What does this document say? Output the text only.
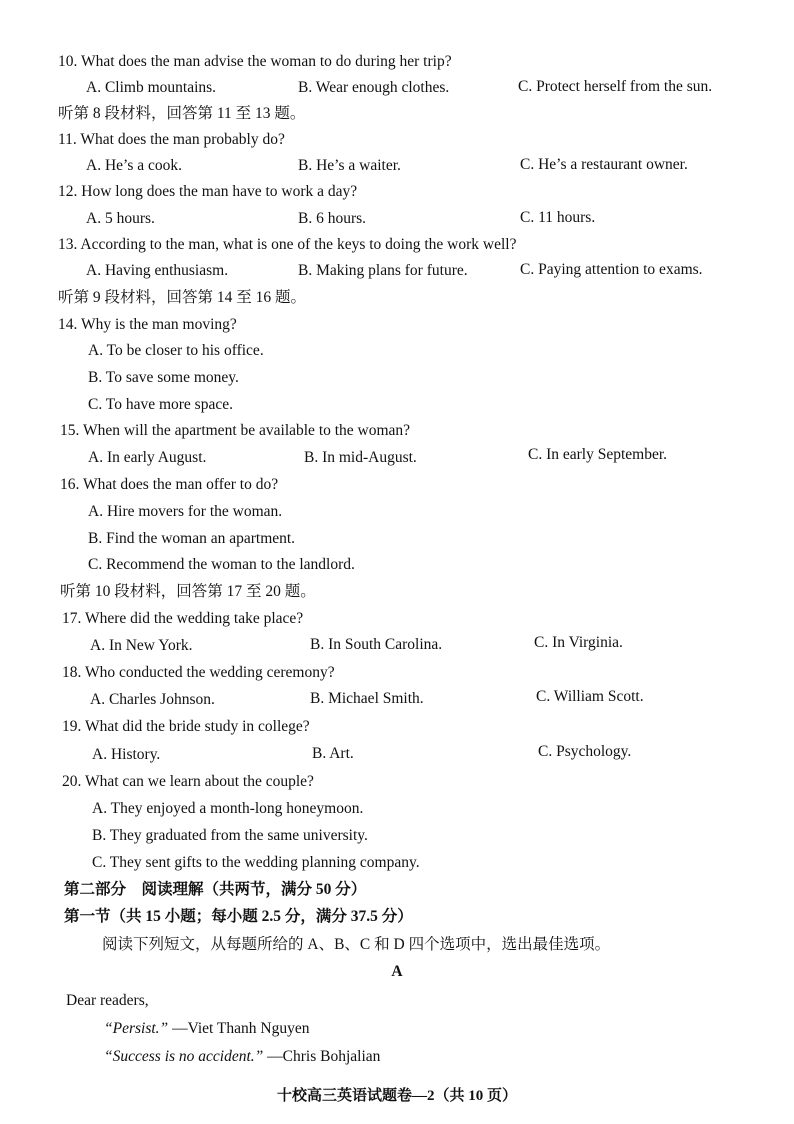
10. What does the man advise the woman to do during her trip?
A. Climb mountains.	B. Wear enough clothes.	C. Protect herself from the sun.
听第 8 段材料，回答第 11 至 13 题。
11. What does the man probably do?
A. He’s a cook.	B. He’s a waiter.	C. He’s a restaurant owner.
12. How long does the man have to work a day?
A. 5 hours.	B. 6 hours.	C. 11 hours.
13. According to the man, what is one of the keys to doing the work well?
A. Having enthusiasm.	B. Making plans for future.	C. Paying attention to exams.
听第 9 段材料，回答第 14 至 16 题。
14. Why is the man moving?
A. To be closer to his office.
B. To save some money.
C. To have more space.
15. When will the apartment be available to the woman?
A. In early August.	B. In mid-August.	C. In early September.
16. What does the man offer to do?
A. Hire movers for the woman.
B. Find the woman an apartment.
C. Recommend the woman to the landlord.
听第 10 段材料，回答第 17 至 20 题。
17. Where did the wedding take place?
A. In New York.	B. In South Carolina.	C. In Virginia.
18. Who conducted the wedding ceremony?
A. Charles Johnson.	B. Michael Smith.	C. William Scott.
19. What did the bride study in college?
A. History.	B. Art.	C. Psychology.
20. What can we learn about the couple?
A. They enjoyed a month-long honeymoon.
B. They graduated from the same university.
C. They sent gifts to the wedding planning company.
第二部分　阅读理解（共两节，满分 50 分）
第一节（共 15 小题；每小题 2.5 分，满分 37.5 分）
阅读下列短文，从每题所给的 A、B、C 和 D 四个选项中，选出最佳选项。
A
Dear readers,
“Persist.” —Viet Thanh Nguyen
“Success is no accident.” —Chris Bohjalian
十校高三英语试题卷—2（共 10 页）
